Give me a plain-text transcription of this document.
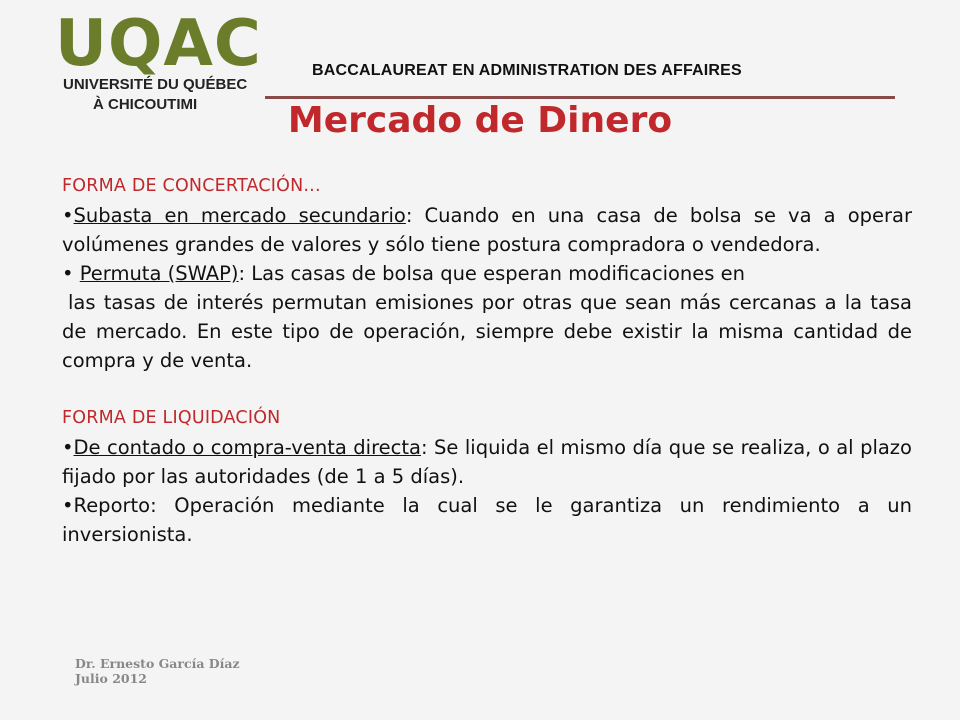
UQAC
UNIVERSITÉ DU QUÉBEC
À CHICOUTIMI
BACCALAUREAT EN ADMINISTRATION DES AFFAIRES
Mercado de Dinero

FORMA DE CONCERTACIÓN...

•Subasta en mercado secundario: Cuando en una casa de bolsa se va a operar volúmenes grandes de valores y sólo tiene postura compradora o vendedora.

• Permuta (SWAP): Las casas de bolsa que esperan modificaciones en

las tasas de interés permutan emisiones por otras que sean más cercanas a la tasa de mercado. En este tipo de operación, siempre debe existir la misma cantidad de compra y de venta.

FORMA DE LIQUIDACIÓN

•De contado o compra-venta directa: Se liquida el mismo día que se realiza, o al plazo fijado por las autoridades (de 1 a 5 días).

•Reporto: Operación mediante la cual se le garantiza un rendimiento a un inversionista.

Dr. Ernesto García Díaz
Julio 2012
